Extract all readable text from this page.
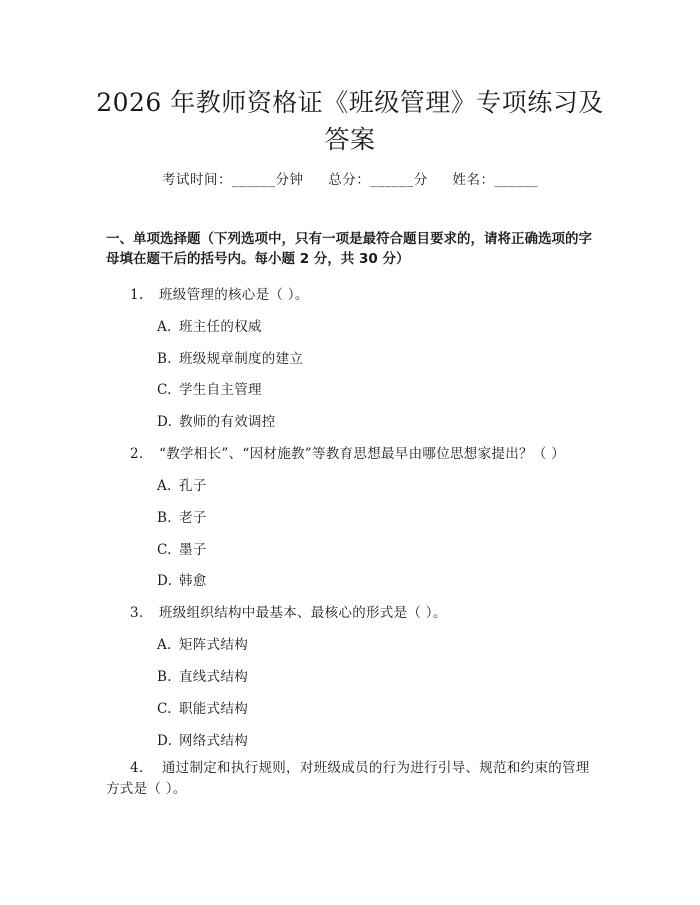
2026 年教师资格证《班级管理》专项练习及
答案
考试时间：______分钟 总分：______分 姓名：______
一、单项选择题（下列选项中，只有一项是最符合题目要求的，请将正确选项的字母填在题干后的括号内。每小题 2 分，共 30 分）
1. 班级管理的核心是（ ）。
A. 班主任的权威
B. 班级规章制度的建立
C. 学生自主管理
D. 教师的有效调控
2. “教学相长”、“因材施教”等教育思想最早由哪位思想家提出？（ ）
A. 孔子
B. 老子
C. 墨子
D. 韩愈
3. 班级组织结构中最基本、最核心的形式是（ ）。
A. 矩阵式结构
B. 直线式结构
C. 职能式结构
D. 网络式结构
4. 通过制定和执行规则，对班级成员的行为进行引导、规范和约束的管理方式是（ ）。
